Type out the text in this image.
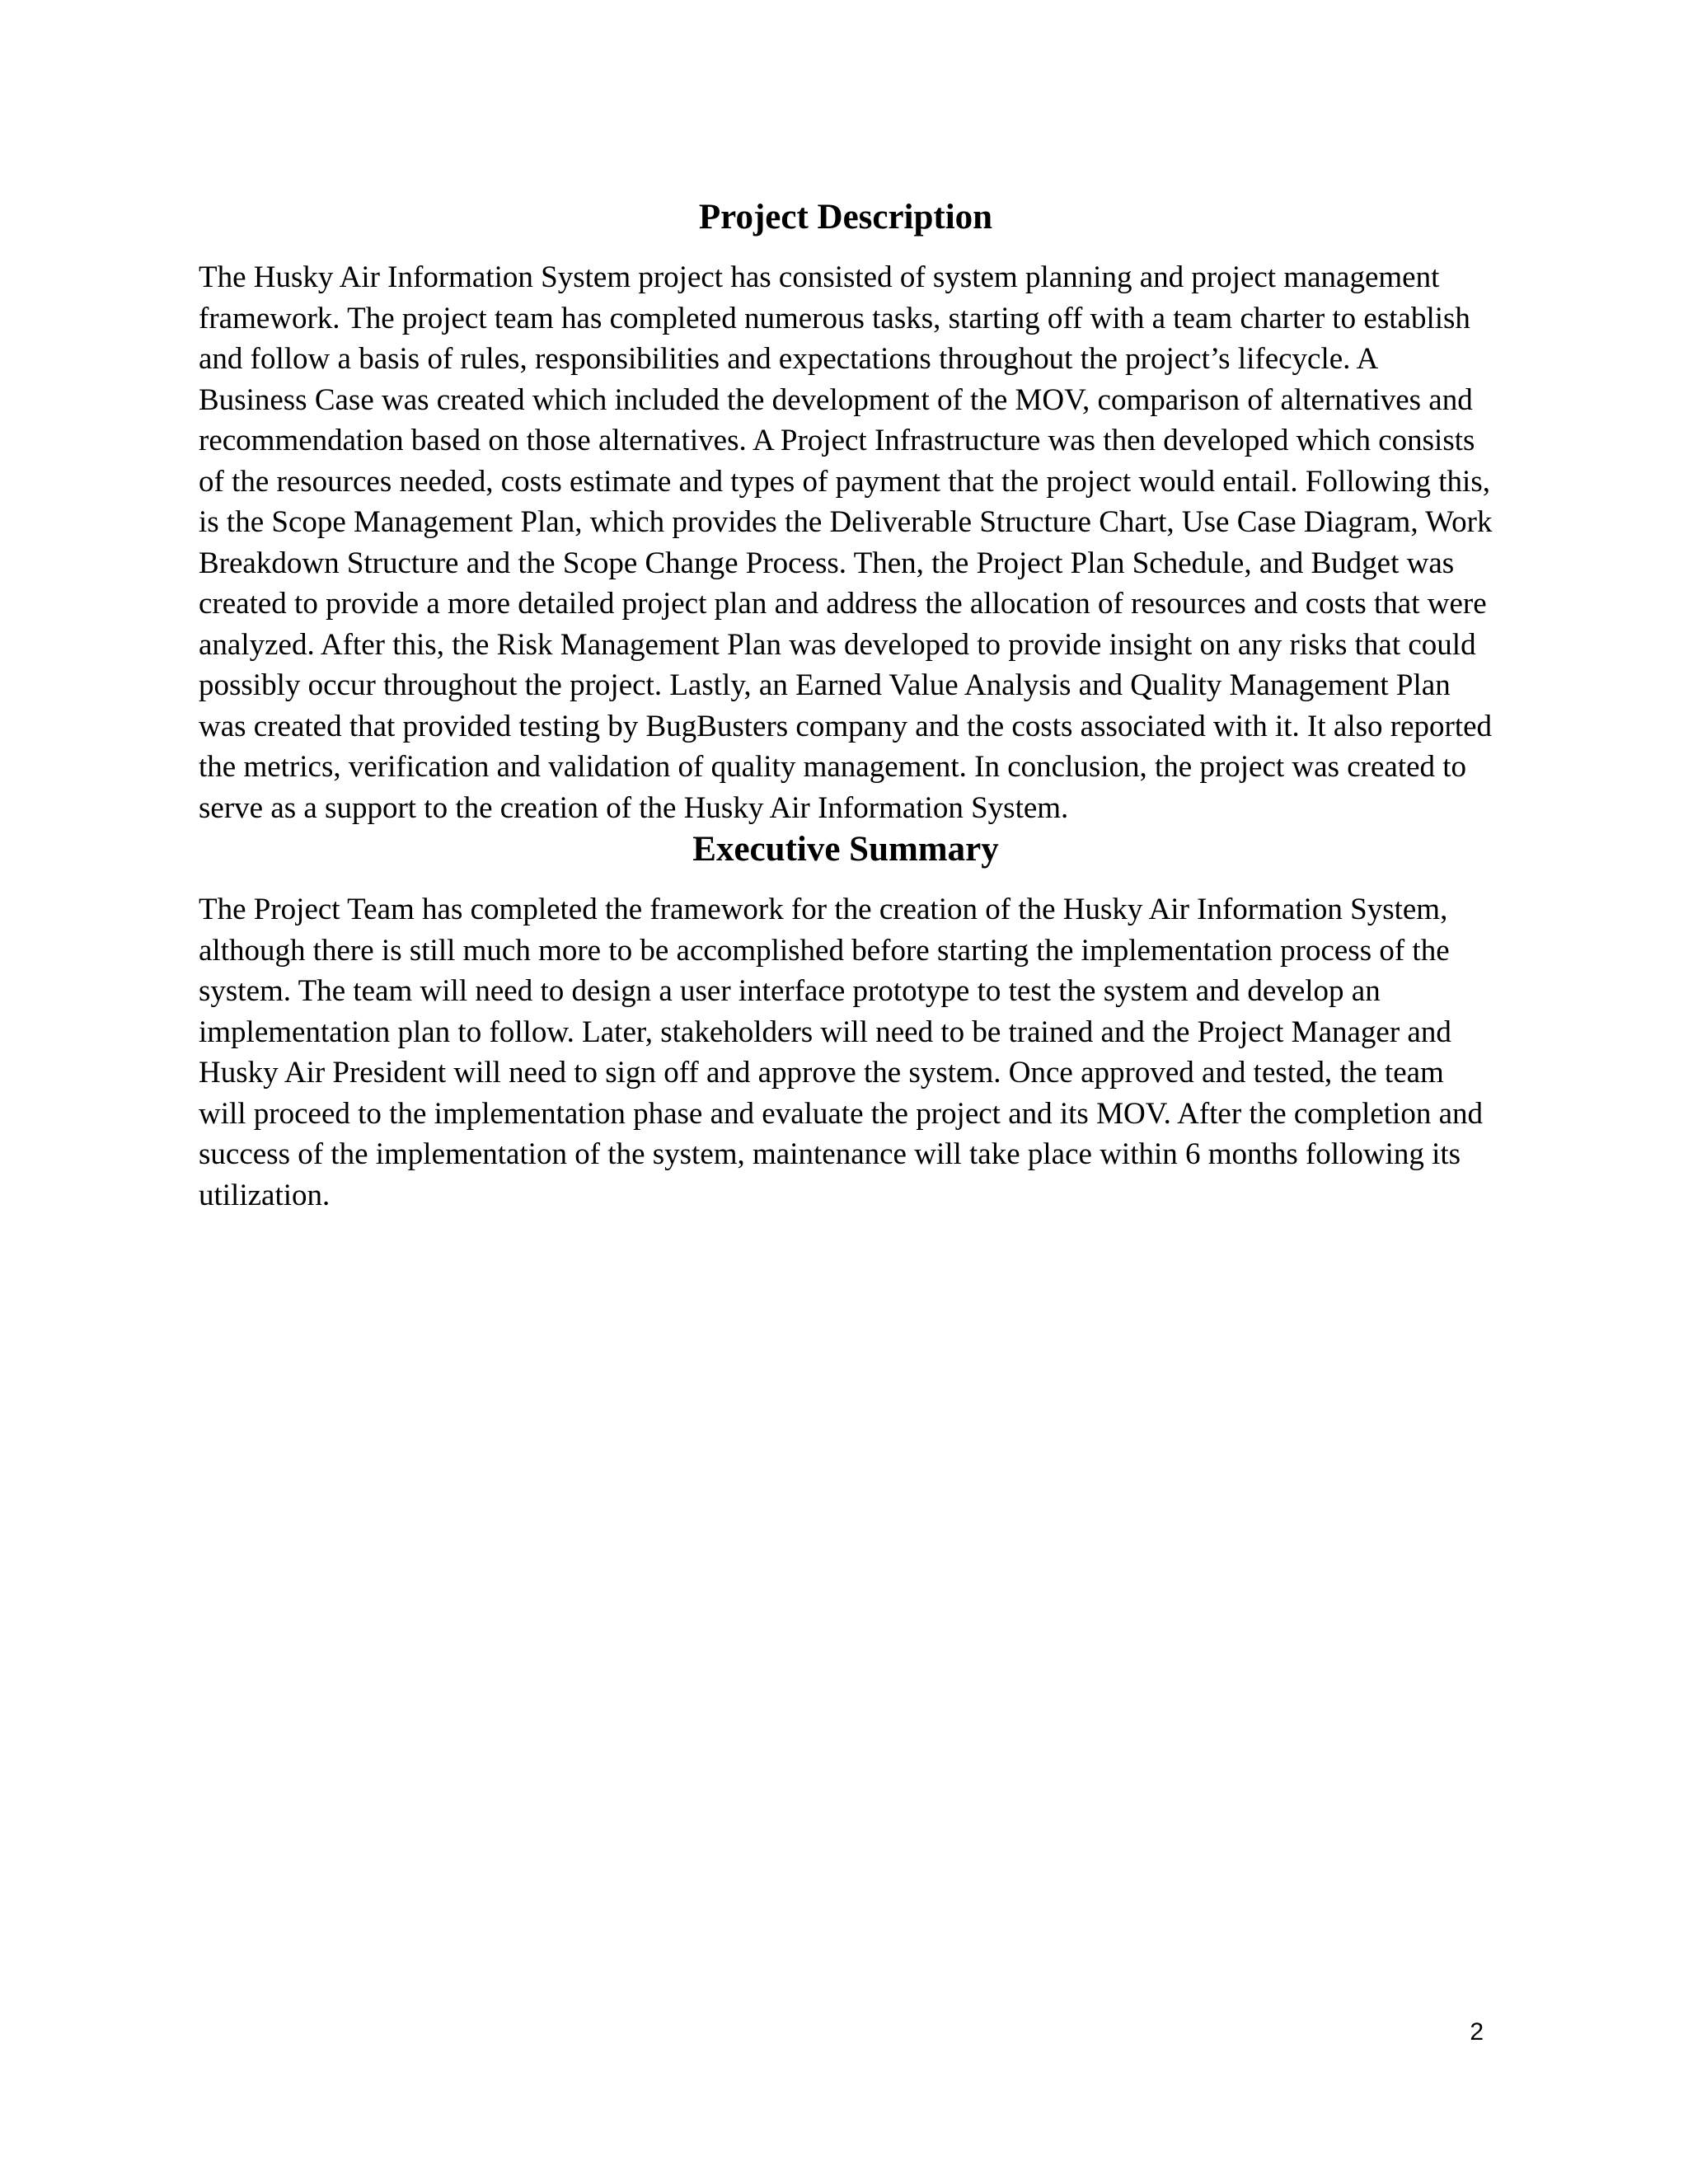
Project Description

The Husky Air Information System project has consisted of system planning and project management framework. The project team has completed numerous tasks, starting off with a team charter to establish and follow a basis of rules, responsibilities and expectations throughout the project’s lifecycle. A Business Case was created which included the development of the MOV, comparison of alternatives and recommendation based on those alternatives. A Project Infrastructure was then developed which consists of the resources needed, costs estimate and types of payment that the project would entail. Following this, is the Scope Management Plan, which provides the Deliverable Structure Chart, Use Case Diagram, Work Breakdown Structure and the Scope Change Process. Then, the Project Plan Schedule, and Budget was created to provide a more detailed project plan and address the allocation of resources and costs that were analyzed. After this, the Risk Management Plan was developed to provide insight on any risks that could possibly occur throughout the project. Lastly, an Earned Value Analysis and Quality Management Plan was created that provided testing by BugBusters company and the costs associated with it. It also reported the metrics, verification and validation of quality management. In conclusion, the project was created to serve as a support to the creation of the Husky Air Information System.

Executive Summary

The Project Team has completed the framework for the creation of the Husky Air Information System, although there is still much more to be accomplished before starting the implementation process of the system. The team will need to design a user interface prototype to test the system and develop an implementation plan to follow. Later, stakeholders will need to be trained and the Project Manager and Husky Air President will need to sign off and approve the system. Once approved and tested, the team will proceed to the implementation phase and evaluate the project and its MOV. After the completion and success of the implementation of the system, maintenance will take place within 6 months following its utilization.

2
